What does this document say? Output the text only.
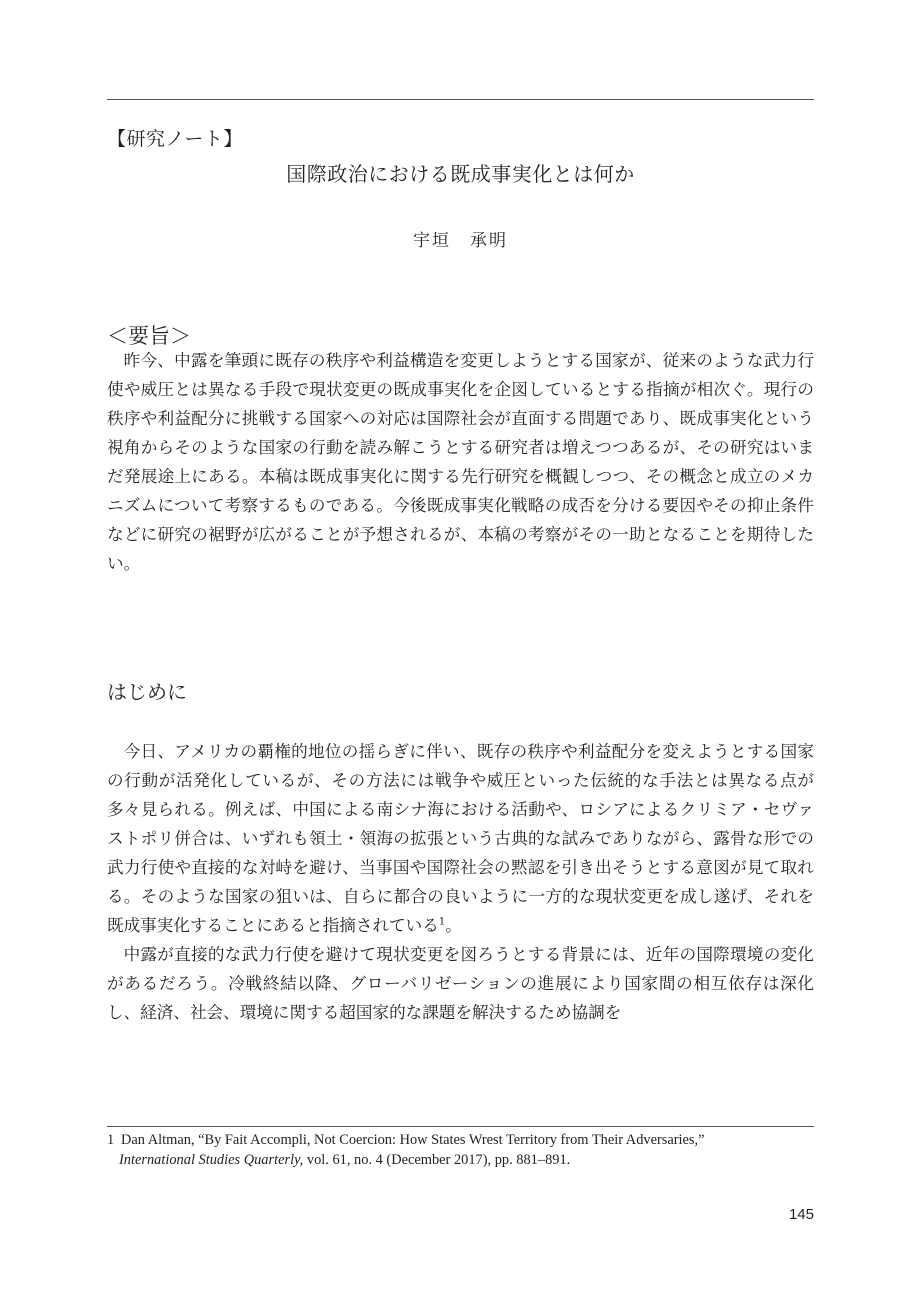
【研究ノート】
国際政治における既成事実化とは何か
宇垣　承明
＜要旨＞

昨今、中露を筆頭に既存の秩序や利益構造を変更しようとする国家が、従来のような武力行使や威圧とは異なる手段で現状変更の既成事実化を企図しているとする指摘が相次ぐ。現行の秩序や利益配分に挑戦する国家への対応は国際社会が直面する問題であり、既成事実化という視角からそのような国家の行動を読み解こうとする研究者は増えつつあるが、その研究はいまだ発展途上にある。本稿は既成事実化に関する先行研究を概観しつつ、その概念と成立のメカニズムについて考察するものである。今後既成事実化戦略の成否を分ける要因やその抑止条件などに研究の裾野が広がることが予想されるが、本稿の考察がその一助となることを期待したい。

はじめに

今日、アメリカの覇権的地位の揺らぎに伴い、既存の秩序や利益配分を変えようとする国家の行動が活発化しているが、その方法には戦争や威圧といった伝統的な手法とは異なる点が多々見られる。例えば、中国による南シナ海における活動や、ロシアによるクリミア・セヴァストポリ併合は、いずれも領土・領海の拡張という古典的な試みでありながら、露骨な形での武力行使や直接的な対峙を避け、当事国や国際社会の黙認を引き出そうとする意図が見て取れる。そのような国家の狙いは、自らに都合の良いように一方的な現状変更を成し遂げ、それを既成事実化することにあると指摘されている$^1$。

中露が直接的な武力行使を避けて現状変更を図ろうとする背景には、近年の国際環境の変化があるだろう。冷戦終結以降、グローバリゼーションの進展により国家間の相互依存は深化し、経済、社会、環境に関する超国家的な課題を解決するため協調を

1 Dan Altman, “By Fait Accompli, Not Coercion: How States Wrest Territory from Their Adversaries,”
International Studies Quarterly, vol. 61, no. 4 (December 2017), pp. 881–891.
145
